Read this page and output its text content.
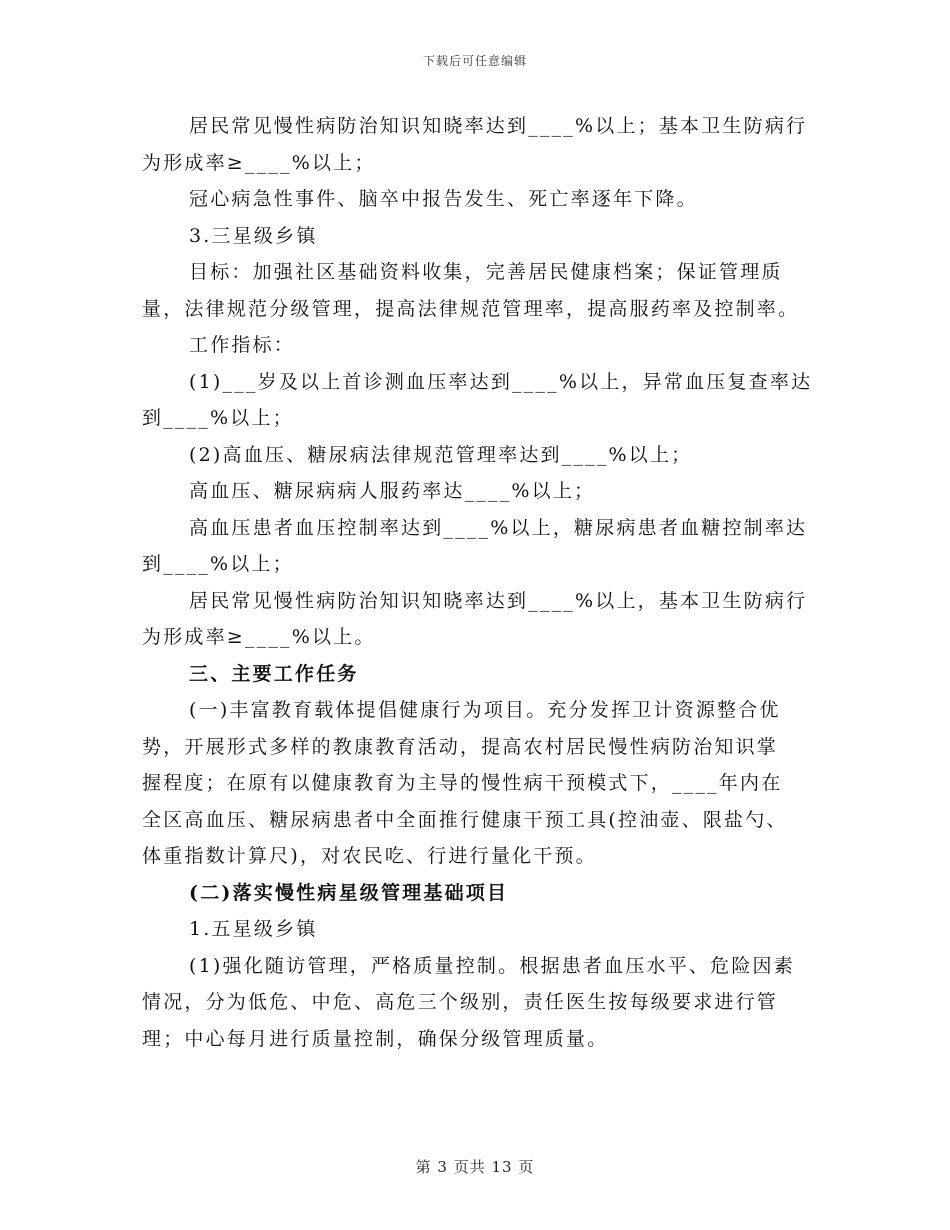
下载后可任意编辑
居民常见慢性病防治知识知晓率达到____%以上；基本卫生防病行
为形成率≥____%以上；
冠心病急性事件、脑卒中报告发生、死亡率逐年下降。
3.三星级乡镇
目标：加强社区基础资料收集，完善居民健康档案；保证管理质
量，法律规范分级管理，提高法律规范管理率，提高服药率及控制率。
工作指标：
(1)___岁及以上首诊测血压率达到____%以上，异常血压复查率达
到____%以上；
(2)高血压、糖尿病法律规范管理率达到____%以上；
高血压、糖尿病病人服药率达____%以上；
高血压患者血压控制率达到____%以上，糖尿病患者血糖控制率达
到____%以上；
居民常见慢性病防治知识知晓率达到____%以上，基本卫生防病行
为形成率≥____%以上。
三、主要工作任务
(一)丰富教育载体提倡健康行为项目。充分发挥卫计资源整合优
势，开展形式多样的教康教育活动，提高农村居民慢性病防治知识掌
握程度；在原有以健康教育为主导的慢性病干预模式下，____年内在
全区高血压、糖尿病患者中全面推行健康干预工具(控油壶、限盐勺、
体重指数计算尺)，对农民吃、行进行量化干预。
(二)落实慢性病星级管理基础项目
1.五星级乡镇
(1)强化随访管理，严格质量控制。根据患者血压水平、危险因素
情况，分为低危、中危、高危三个级别，责任医生按每级要求进行管
理；中心每月进行质量控制，确保分级管理质量。
第 3 页共 13 页
